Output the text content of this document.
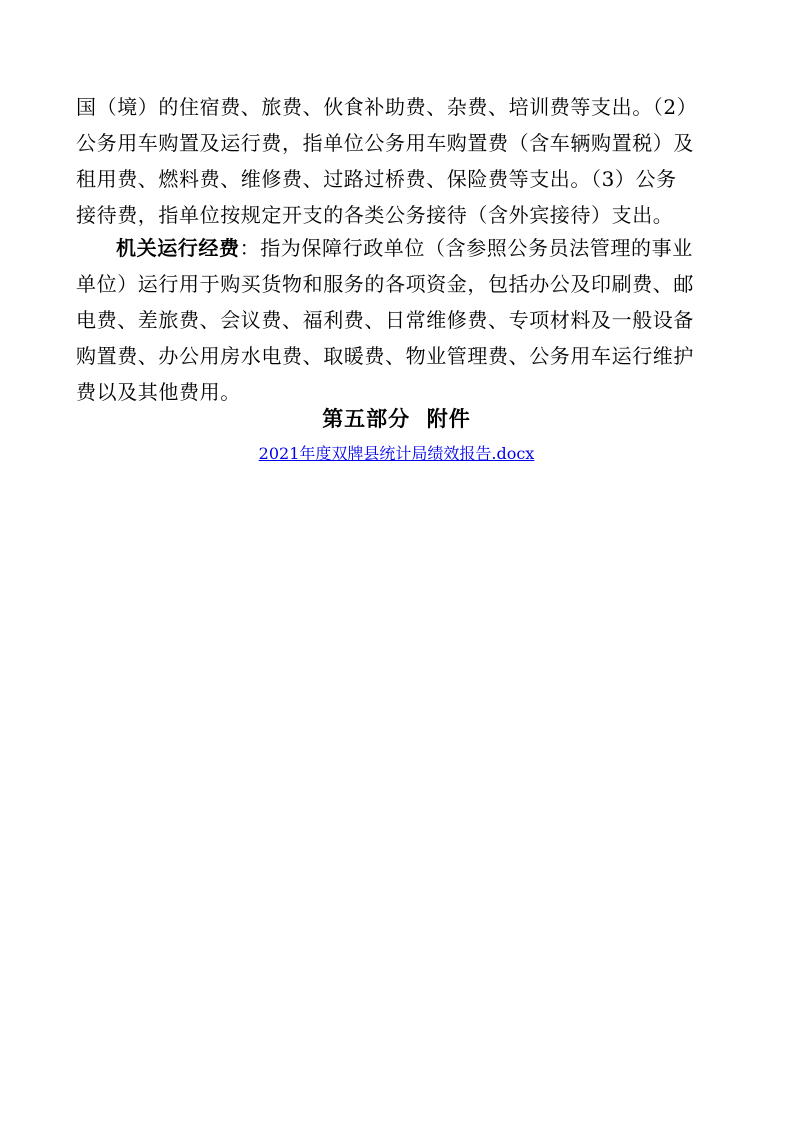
国（境）的住宿费、旅费、伙食补助费、杂费、培训费等支出。（2）
公务用车购置及运行费，指单位公务用车购置费（含车辆购置税）及
租用费、燃料费、维修费、过路过桥费、保险费等支出。（3）公务
接待费，指单位按规定开支的各类公务接待（含外宾接待）支出。
机关运行经费：指为保障行政单位（含参照公务员法管理的事业
单位）运行用于购买货物和服务的各项资金，包括办公及印刷费、邮
电费、差旅费、会议费、福利费、日常维修费、专项材料及一般设备
购置费、办公用房水电费、取暖费、物业管理费、公务用车运行维护
费以及其他费用。
第五部分  附件
2021年度双牌县统计局绩效报告.docx
